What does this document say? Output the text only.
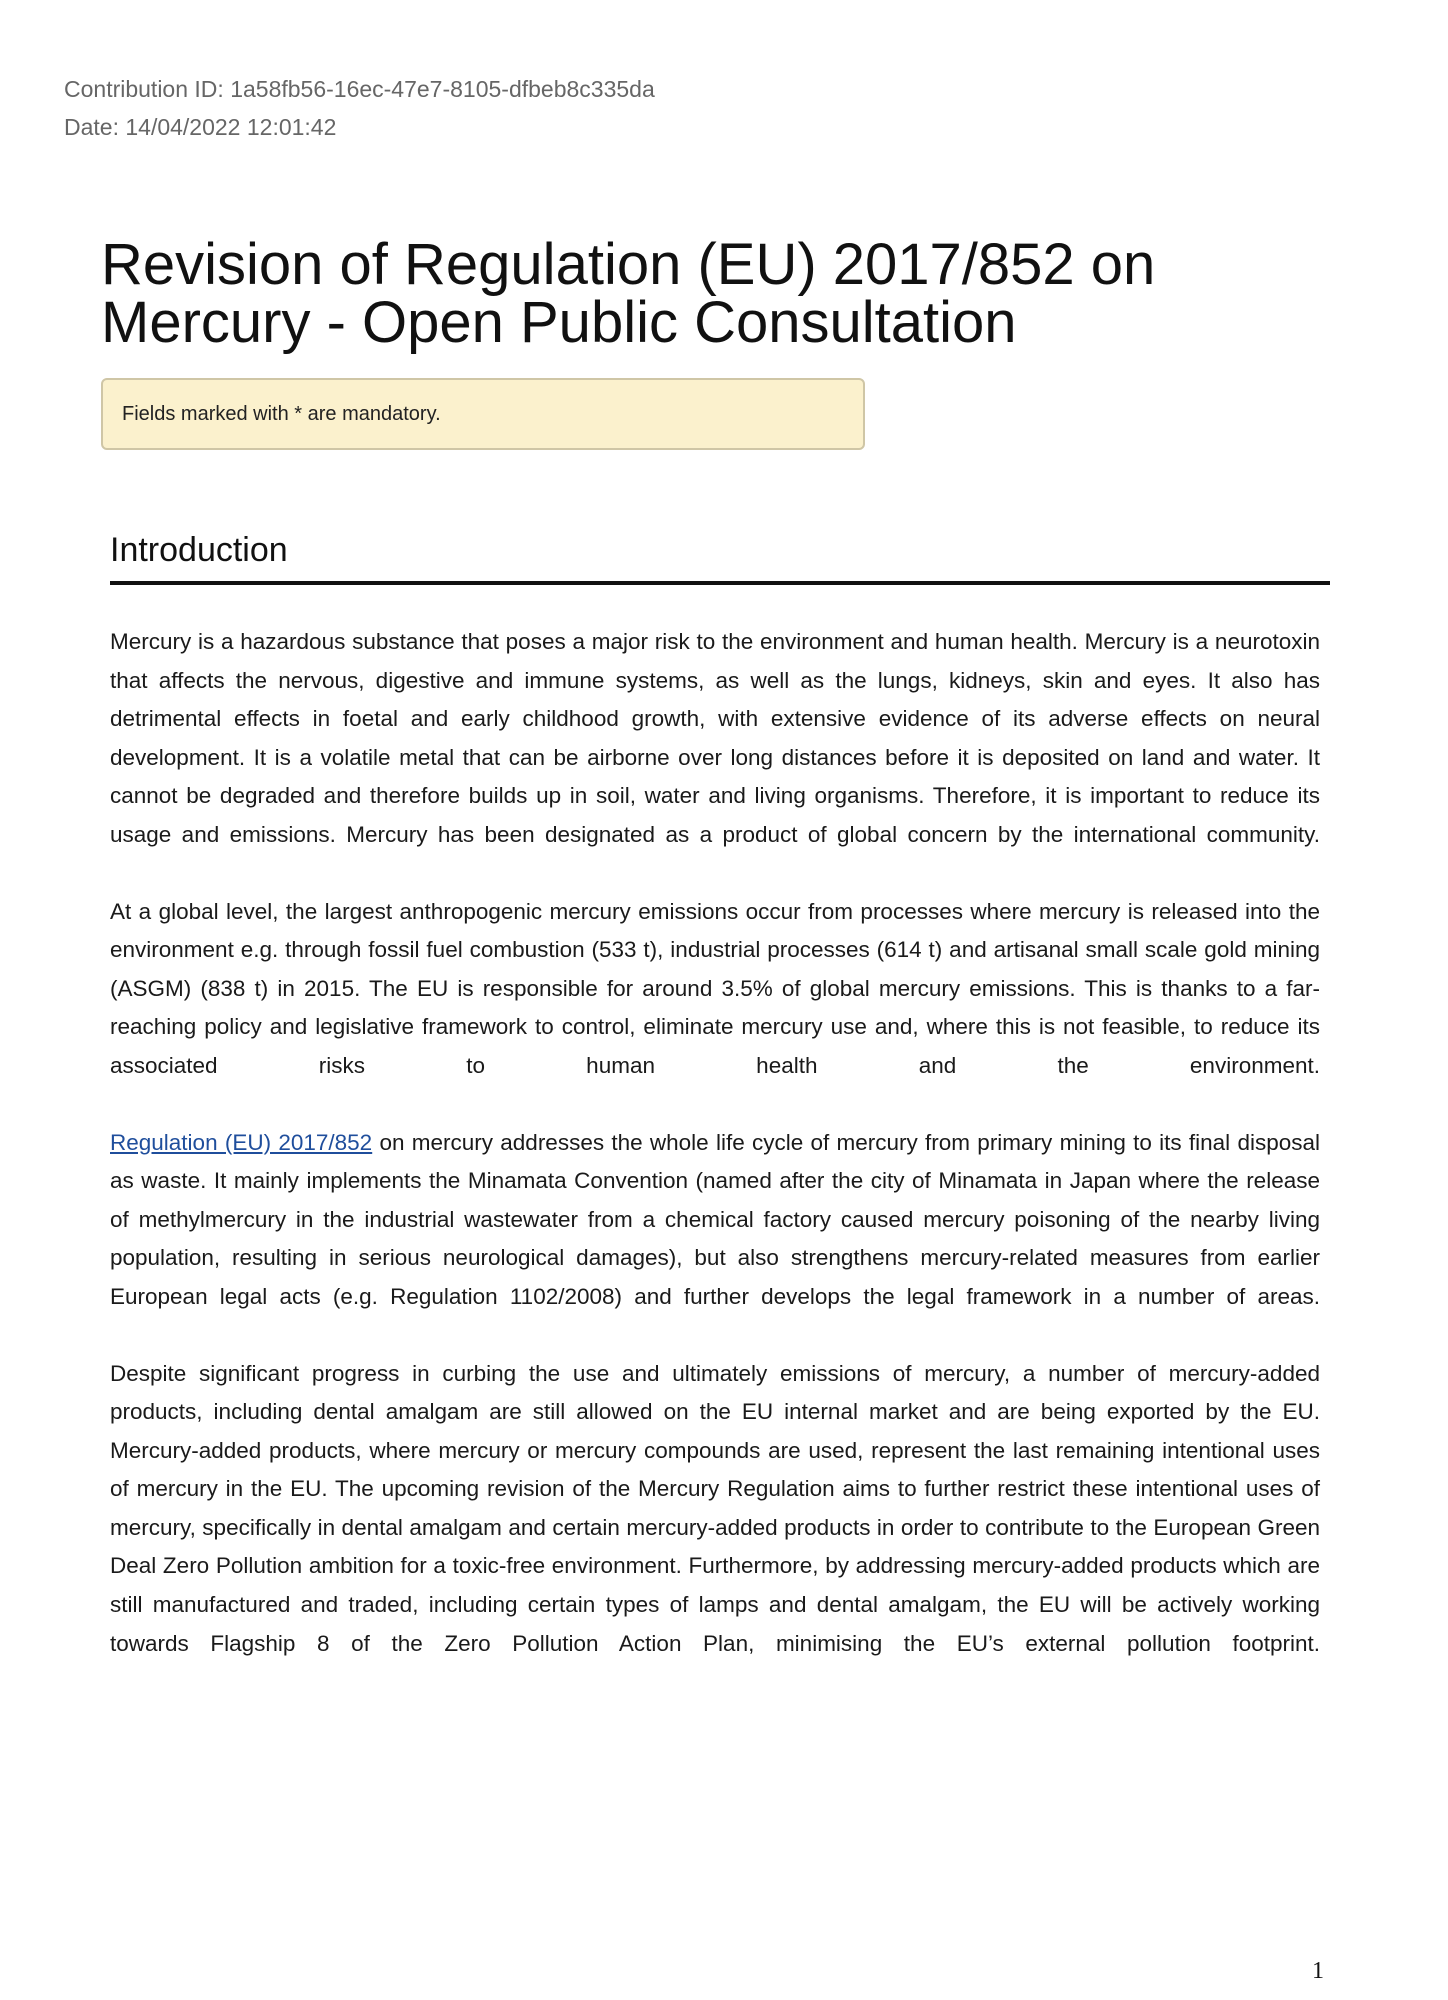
Contribution ID: 1a58fb56-16ec-47e7-8105-dfbeb8c335da
Date: 14/04/2022 12:01:42
Revision of Regulation (EU) 2017/852 on Mercury - Open Public Consultation
Fields marked with * are mandatory.
Introduction

Mercury is a hazardous substance that poses a major risk to the environment and human health. Mercury is a neurotoxin that affects the nervous, digestive and immune systems, as well as the lungs, kidneys, skin and eyes. It also has detrimental effects in foetal and early childhood growth, with extensive evidence of its adverse effects on neural development. It is a volatile metal that can be airborne over long distances before it is deposited on land and water. It cannot be degraded and therefore builds up in soil, water and living organisms. Therefore, it is important to reduce its usage and emissions. Mercury has been designated as a product of global concern by the international community.

At a global level, the largest anthropogenic mercury emissions occur from processes where mercury is released into the environment e.g. through fossil fuel combustion (533 t), industrial processes (614 t) and artisanal small scale gold mining (ASGM) (838 t) in 2015. The EU is responsible for around 3.5% of global mercury emissions. This is thanks to a far-reaching policy and legislative framework to control, eliminate mercury use and, where this is not feasible, to reduce its associated risks to human health and the environment.

Regulation (EU) 2017/852 on mercury addresses the whole life cycle of mercury from primary mining to its final disposal as waste. It mainly implements the Minamata Convention (named after the city of Minamata in Japan where the release of methylmercury in the industrial wastewater from a chemical factory caused mercury poisoning of the nearby living population, resulting in serious neurological damages), but also strengthens mercury-related measures from earlier European legal acts (e.g. Regulation 1102/2008) and further develops the legal framework in a number of areas.

Despite significant progress in curbing the use and ultimately emissions of mercury, a number of mercury-added products, including dental amalgam are still allowed on the EU internal market and are being exported by the EU. Mercury-added products, where mercury or mercury compounds are used, represent the last remaining intentional uses of mercury in the EU. The upcoming revision of the Mercury Regulation aims to further restrict these intentional uses of mercury, specifically in dental amalgam and certain mercury-added products in order to contribute to the European Green Deal Zero Pollution ambition for a toxic-free environment. Furthermore, by addressing mercury-added products which are still manufactured and traded, including certain types of lamps and dental amalgam, the EU will be actively working towards Flagship 8 of the Zero Pollution Action Plan, minimising the EU’s external pollution footprint.

1
